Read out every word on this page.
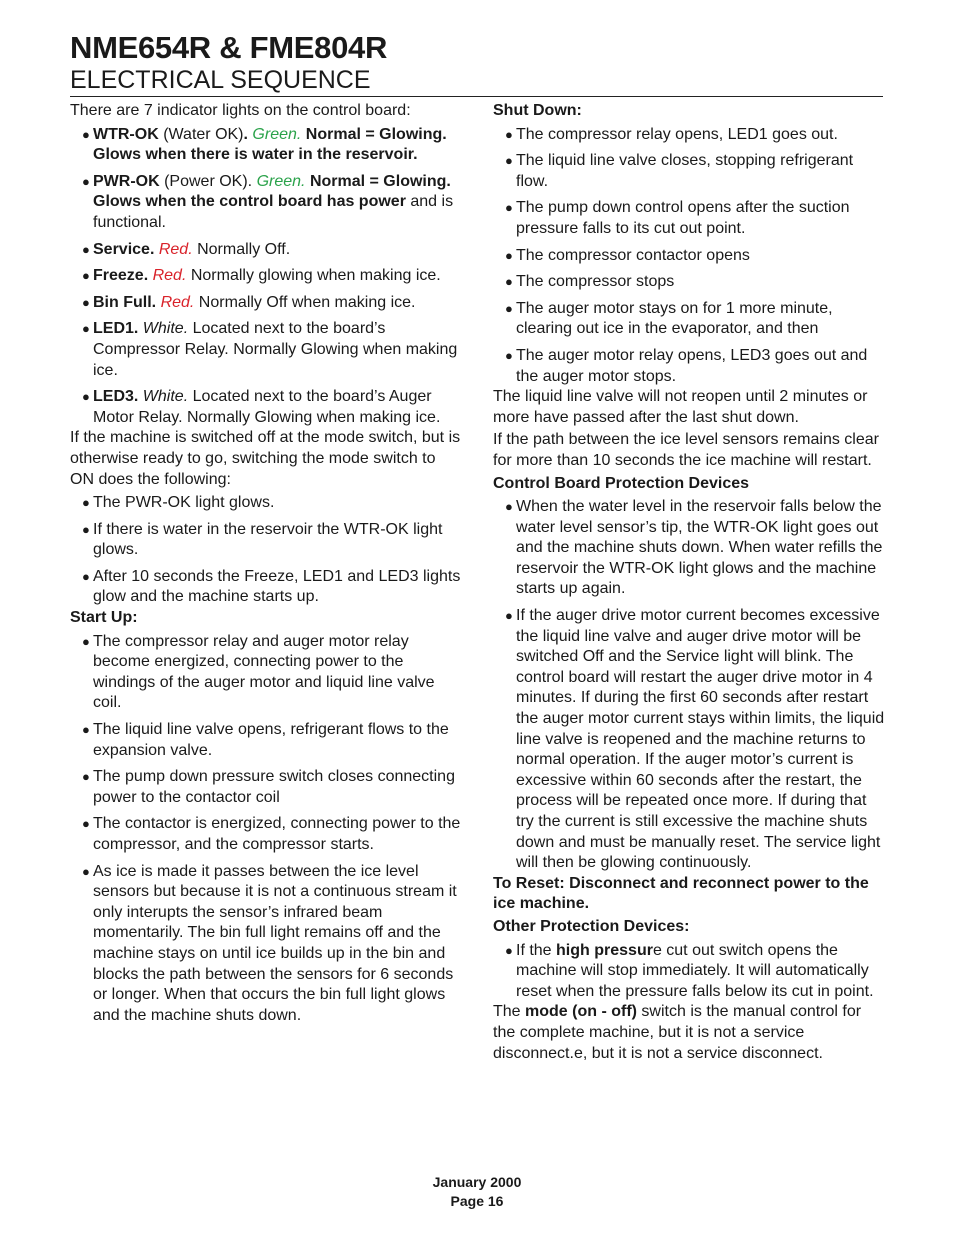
NME654R & FME804R
ELECTRICAL SEQUENCE

There are 7 indicator lights on the control board:

● WTR-OK (Water OK). Green. Normal = Glowing. Glows when there is water in the reservoir.
● PWR-OK (Power OK). Green. Normal = Glowing. Glows when the control board has power and is functional.
● Service. Red. Normally Off.
● Freeze. Red. Normally glowing when making ice.
● Bin Full. Red. Normally Off when making ice.
● LED1. White. Located next to the board’s Compressor Relay. Normally Glowing when making ice.
● LED3. White. Located next to the board’s Auger Motor Relay. Normally Glowing when making ice.

If the machine is switched off at the mode switch, but is otherwise ready to go, switching the mode switch to ON does the following:

● The PWR-OK light glows.
● If there is water in the reservoir the WTR-OK light glows.
● After 10 seconds the Freeze, LED1 and LED3 lights glow and the machine starts up.

Start Up:

● The compressor relay and auger motor relay become energized, connecting power to the windings of the auger motor and liquid line valve coil.
● The liquid line valve opens, refrigerant flows to the expansion valve.
● The pump down pressure switch closes connecting power to the contactor coil
● The contactor is energized, connecting power to the compressor, and the compressor starts.
● As ice is made it passes between the ice level sensors but because it is not a continuous stream it only interupts the sensor’s infrared beam momentarily. The bin full light remains off and the machine stays on until ice builds up in the bin and blocks the path between the sensors for 6 seconds or longer. When that occurs the bin full light glows and the machine shuts down.

Shut Down:

● The compressor relay opens, LED1 goes out.
● The liquid line valve closes, stopping refrigerant flow.
● The pump down control opens after the suction pressure falls to its cut out point.
● The compressor contactor opens
● The compressor stops
● The auger motor stays on for 1 more minute, clearing out ice in the evaporator, and then
● The auger motor relay opens, LED3 goes out and the auger motor stops.

The liquid line valve will not reopen until 2 minutes or more have passed after the last shut down.

If the path between the ice level sensors remains clear for more than 10 seconds the ice machine will restart.

Control Board Protection Devices

● When the water level in the reservoir falls below the water level sensor’s tip, the WTR-OK light goes out and the machine shuts down. When water refills the reservoir the WTR-OK light glows and the machine starts up again.
● If the auger drive motor current becomes excessive the liquid line valve and auger drive motor will be switched Off and the Service light will blink. The control board will restart the auger drive motor in 4 minutes. If during the first 60 seconds after restart the auger motor current stays within limits, the liquid line valve is reopened and the machine returns to normal operation. If the auger motor’s current is excessive within 60 seconds after the restart, the process will be repeated once more. If during that try the current is still excessive the machine shuts down and must be manually reset. The service light will then be glowing continuously.

To Reset: Disconnect and reconnect power to the ice machine.

Other Protection Devices:

● If the high pressure cut out switch opens the machine will stop immediately. It will automatically reset when the pressure falls below its cut in point.

The mode (on - off) switch is the manual control for the complete machine, but it is not a service disconnect.e, but it is not a service disconnect.

January 2000
Page 16
